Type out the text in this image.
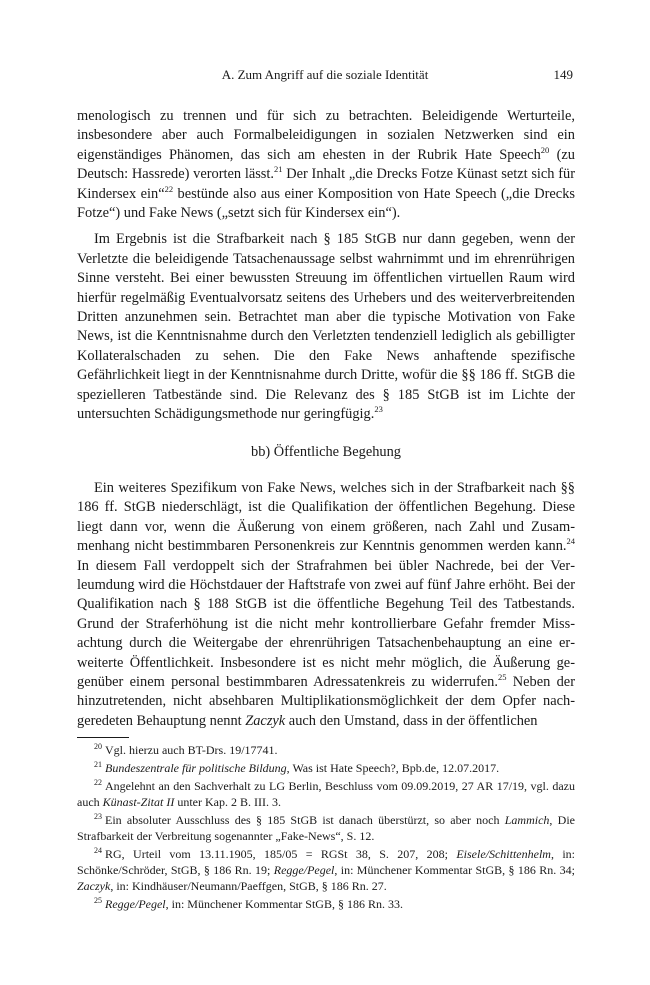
A. Zum Angriff auf die soziale Identität	149

menologisch zu trennen und für sich zu betrachten. Beleidigende Werturteile, insbesondere aber auch Formalbeleidigungen in sozialen Netzwerken sind ein eigenständiges Phänomen, das sich am ehesten in der Rubrik Hate Speech$^{20}$ (zu Deutsch: Hassrede) verorten lässt.$^{21}$ Der Inhalt „die Drecks Fotze Künast setzt sich für Kindersex ein“$^{22}$ bestünde also aus einer Komposition von Hate Speech („die Drecks Fotze“) und Fake News („setzt sich für Kindersex ein“).

Im Ergebnis ist die Strafbarkeit nach § 185 StGB nur dann gegeben, wenn der Verletzte die beleidigende Tatsachenaussage selbst wahrnimmt und im ehrenrührigen Sinne versteht. Bei einer bewussten Streuung im öffentlichen virtuellen Raum wird hierfür regelmäßig Eventualvorsatz seitens des Urhebers und des weiterverbreitenden Dritten anzunehmen sein. Betrachtet man aber die typische Motivation von Fake News, ist die Kenntnisnahme durch den Verletzten tendenziell lediglich als gebilligter Kollateralschaden zu sehen. Die den Fake News anhaftende spezifische Gefährlichkeit liegt in der Kenntnisnahme durch Dritte, wofür die §§ 186 ff. StGB die spezielleren Tatbestände sind. Die Relevanz des § 185 StGB ist im Lichte der untersuchten Schädigungsmethode nur geringfügig.$^{23}$

bb) Öffentliche Begehung

Ein weiteres Spezifikum von Fake News, welches sich in der Strafbarkeit nach §§ 186 ff. StGB niederschlägt, ist die Qualifikation der öffentlichen Begehung. Diese liegt dann vor, wenn die Äußerung von einem größeren, nach Zahl und Zusammenhang nicht bestimmbaren Personenkreis zur Kenntnis genommen werden kann.$^{24}$ In diesem Fall verdoppelt sich der Strafrahmen bei übler Nachrede, bei der Verleumdung wird die Höchstdauer der Haftstrafe von zwei auf fünf Jahre erhöht. Bei der Qualifikation nach § 188 StGB ist die öffentliche Begehung Teil des Tatbestands. Grund der Straferhöhung ist die nicht mehr kontrollierbare Gefahr fremder Missachtung durch die Weitergabe der ehrenrührigen Tatsachenbehauptung an eine erweiterte Öffentlichkeit. Insbesondere ist es nicht mehr möglich, die Äußerung gegenüber einem personal bestimmbaren Adressatenkreis zu widerrufen.$^{25}$ Neben der hinzutretenden, nicht absehbaren Multiplikationsmöglichkeit der dem Opfer nachgeredeten Behauptung nennt Zaczyk auch den Umstand, dass in der öffentlichen

$^{20}$ Vgl. hierzu auch BT-Drs. 19/17741.

$^{21}$ Bundeszentrale für politische Bildung, Was ist Hate Speech?, Bpb.de, 12.07.2017.

$^{22}$ Angelehnt an den Sachverhalt zu LG Berlin, Beschluss vom 09.09.2019, 27 AR 17/19, vgl. dazu auch Künast-Zitat II unter Kap. 2 B. III. 3.

$^{23}$ Ein absoluter Ausschluss des § 185 StGB ist danach überstürzt, so aber noch Lammich, Die Strafbarkeit der Verbreitung sogenannter „Fake-News“, S. 12.

$^{24}$ RG, Urteil vom 13.11.1905, 185/05 = RGSt 38, S. 207, 208; Eisele/Schittenhelm, in: Schönke/Schröder, StGB, § 186 Rn. 19; Regge/Pegel, in: Münchener Kommentar StGB, § 186 Rn. 34; Zaczyk, in: Kindhäuser/Neumann/Paeffgen, StGB, § 186 Rn. 27.

$^{25}$ Regge/Pegel, in: Münchener Kommentar StGB, § 186 Rn. 33.
